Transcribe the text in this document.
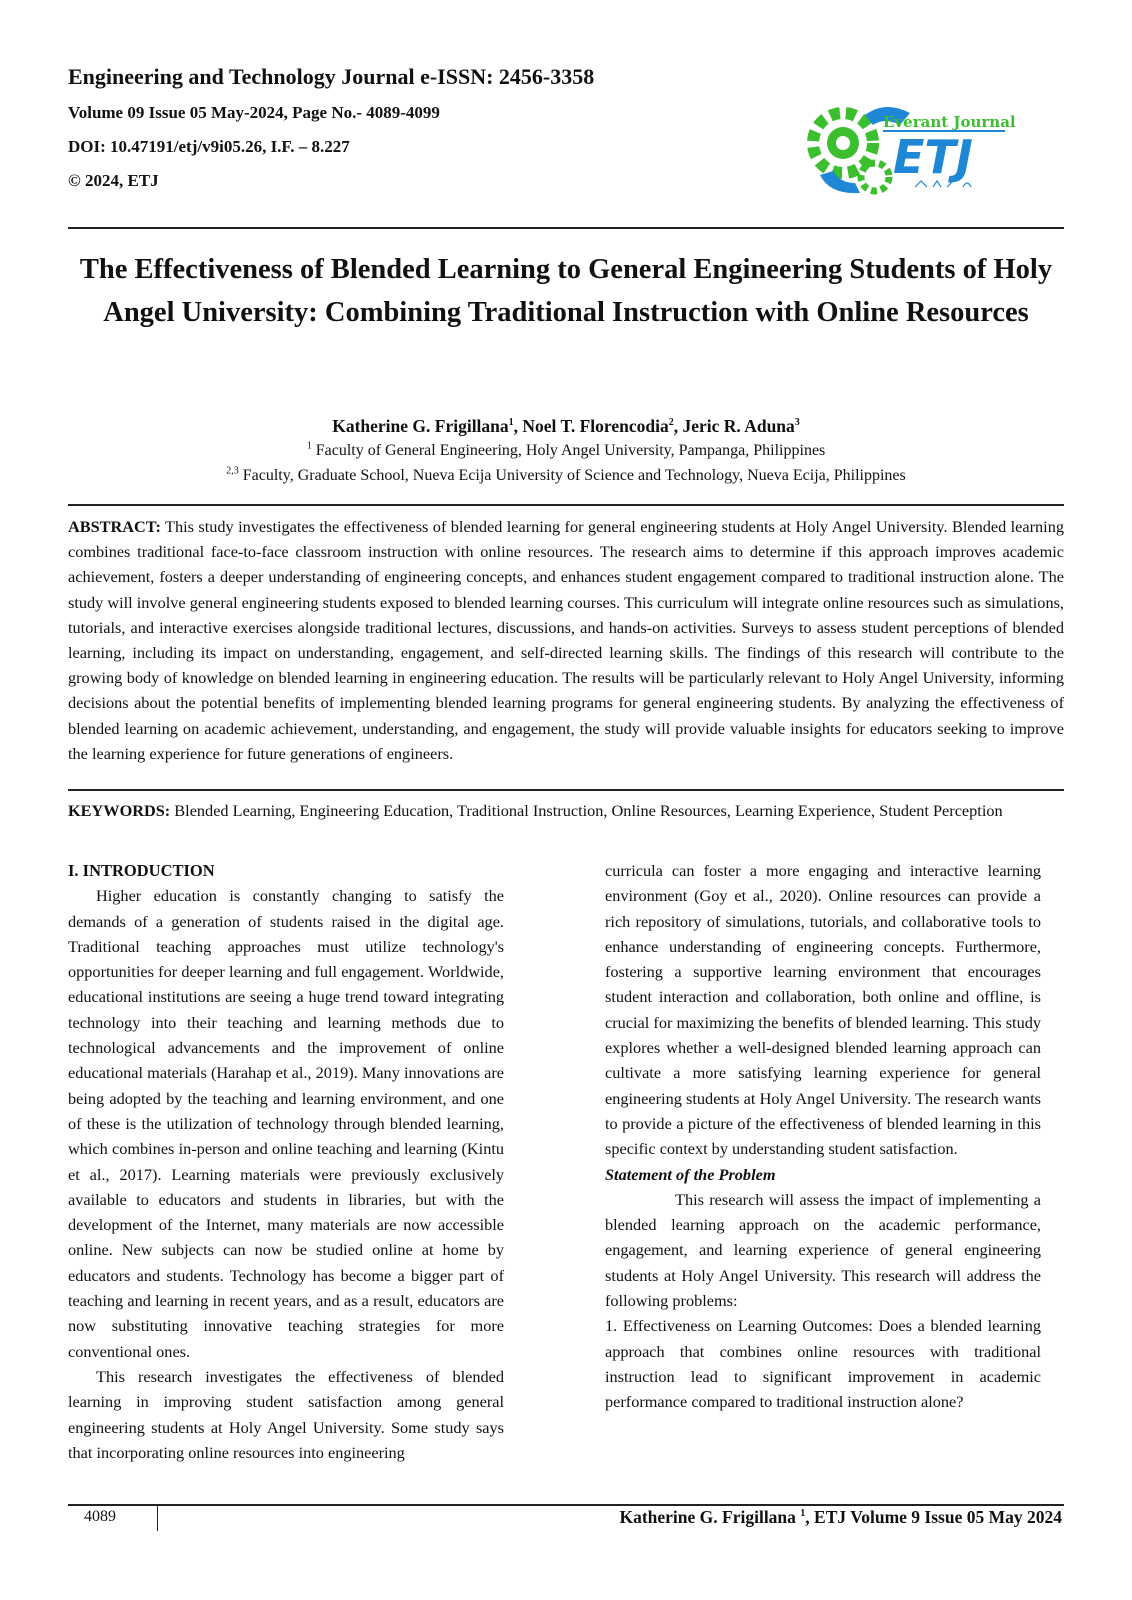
Engineering and Technology Journal e-ISSN: 2456-3358
Volume 09 Issue 05 May-2024, Page No.- 4089-4099
DOI: 10.47191/etj/v9i05.26, I.F. – 8.227
© 2024, ETJ
Everant Journal
ETJ
The Effectiveness of Blended Learning to General Engineering Students of Holy Angel University: Combining Traditional Instruction with Online Resources
Katherine G. Frigillana$^1$, Noel T. Florencodia$^2$, Jeric R. Aduna$^3$
$^1$ Faculty of General Engineering, Holy Angel University, Pampanga, Philippines
$^{2,3}$ Faculty, Graduate School, Nueva Ecija University of Science and Technology, Nueva Ecija, Philippines

ABSTRACT: This study investigates the effectiveness of blended learning for general engineering students at Holy Angel University. Blended learning combines traditional face-to-face classroom instruction with online resources. The research aims to determine if this approach improves academic achievement, fosters a deeper understanding of engineering concepts, and enhances student engagement compared to traditional instruction alone. The study will involve general engineering students exposed to blended learning courses. This curriculum will integrate online resources such as simulations, tutorials, and interactive exercises alongside traditional lectures, discussions, and hands-on activities. Surveys to assess student perceptions of blended learning, including its impact on understanding, engagement, and self-directed learning skills. The findings of this research will contribute to the growing body of knowledge on blended learning in engineering education. The results will be particularly relevant to Holy Angel University, informing decisions about the potential benefits of implementing blended learning programs for general engineering students. By analyzing the effectiveness of blended learning on academic achievement, understanding, and engagement, the study will provide valuable insights for educators seeking to improve the learning experience for future generations of engineers.

KEYWORDS: Blended Learning, Engineering Education, Traditional Instruction, Online Resources, Learning Experience, Student Perception

I. INTRODUCTION

Higher education is constantly changing to satisfy the demands of a generation of students raised in the digital age. Traditional teaching approaches must utilize technology's opportunities for deeper learning and full engagement. Worldwide, educational institutions are seeing a huge trend toward integrating technology into their teaching and learning methods due to technological advancements and the improvement of online educational materials (Harahap et al., 2019). Many innovations are being adopted by the teaching and learning environment, and one of these is the utilization of technology through blended learning, which combines in-person and online teaching and learning (Kintu et al., 2017). Learning materials were previously exclusively available to educators and students in libraries, but with the development of the Internet, many materials are now accessible online. New subjects can now be studied online at home by educators and students. Technology has become a bigger part of teaching and learning in recent years, and as a result, educators are now substituting innovative teaching strategies for more conventional ones.

This research investigates the effectiveness of blended learning in improving student satisfaction among general engineering students at Holy Angel University. Some study says that incorporating online resources into engineering

curricula can foster a more engaging and interactive learning environment (Goy et al., 2020). Online resources can provide a rich repository of simulations, tutorials, and collaborative tools to enhance understanding of engineering concepts. Furthermore, fostering a supportive learning environment that encourages student interaction and collaboration, both online and offline, is crucial for maximizing the benefits of blended learning. This study explores whether a well-designed blended learning approach can cultivate a more satisfying learning experience for general engineering students at Holy Angel University. The research wants to provide a picture of the effectiveness of blended learning in this specific context by understanding student satisfaction.

Statement of the Problem

This research will assess the impact of implementing a blended learning approach on the academic performance, engagement, and learning experience of general engineering students at Holy Angel University. This research will address the following problems:

1. Effectiveness on Learning Outcomes: Does a blended learning approach that combines online resources with traditional instruction lead to significant improvement in academic performance compared to traditional instruction alone?

4089	Katherine G. Frigillana $^1$, ETJ Volume 9 Issue 05 May 2024
